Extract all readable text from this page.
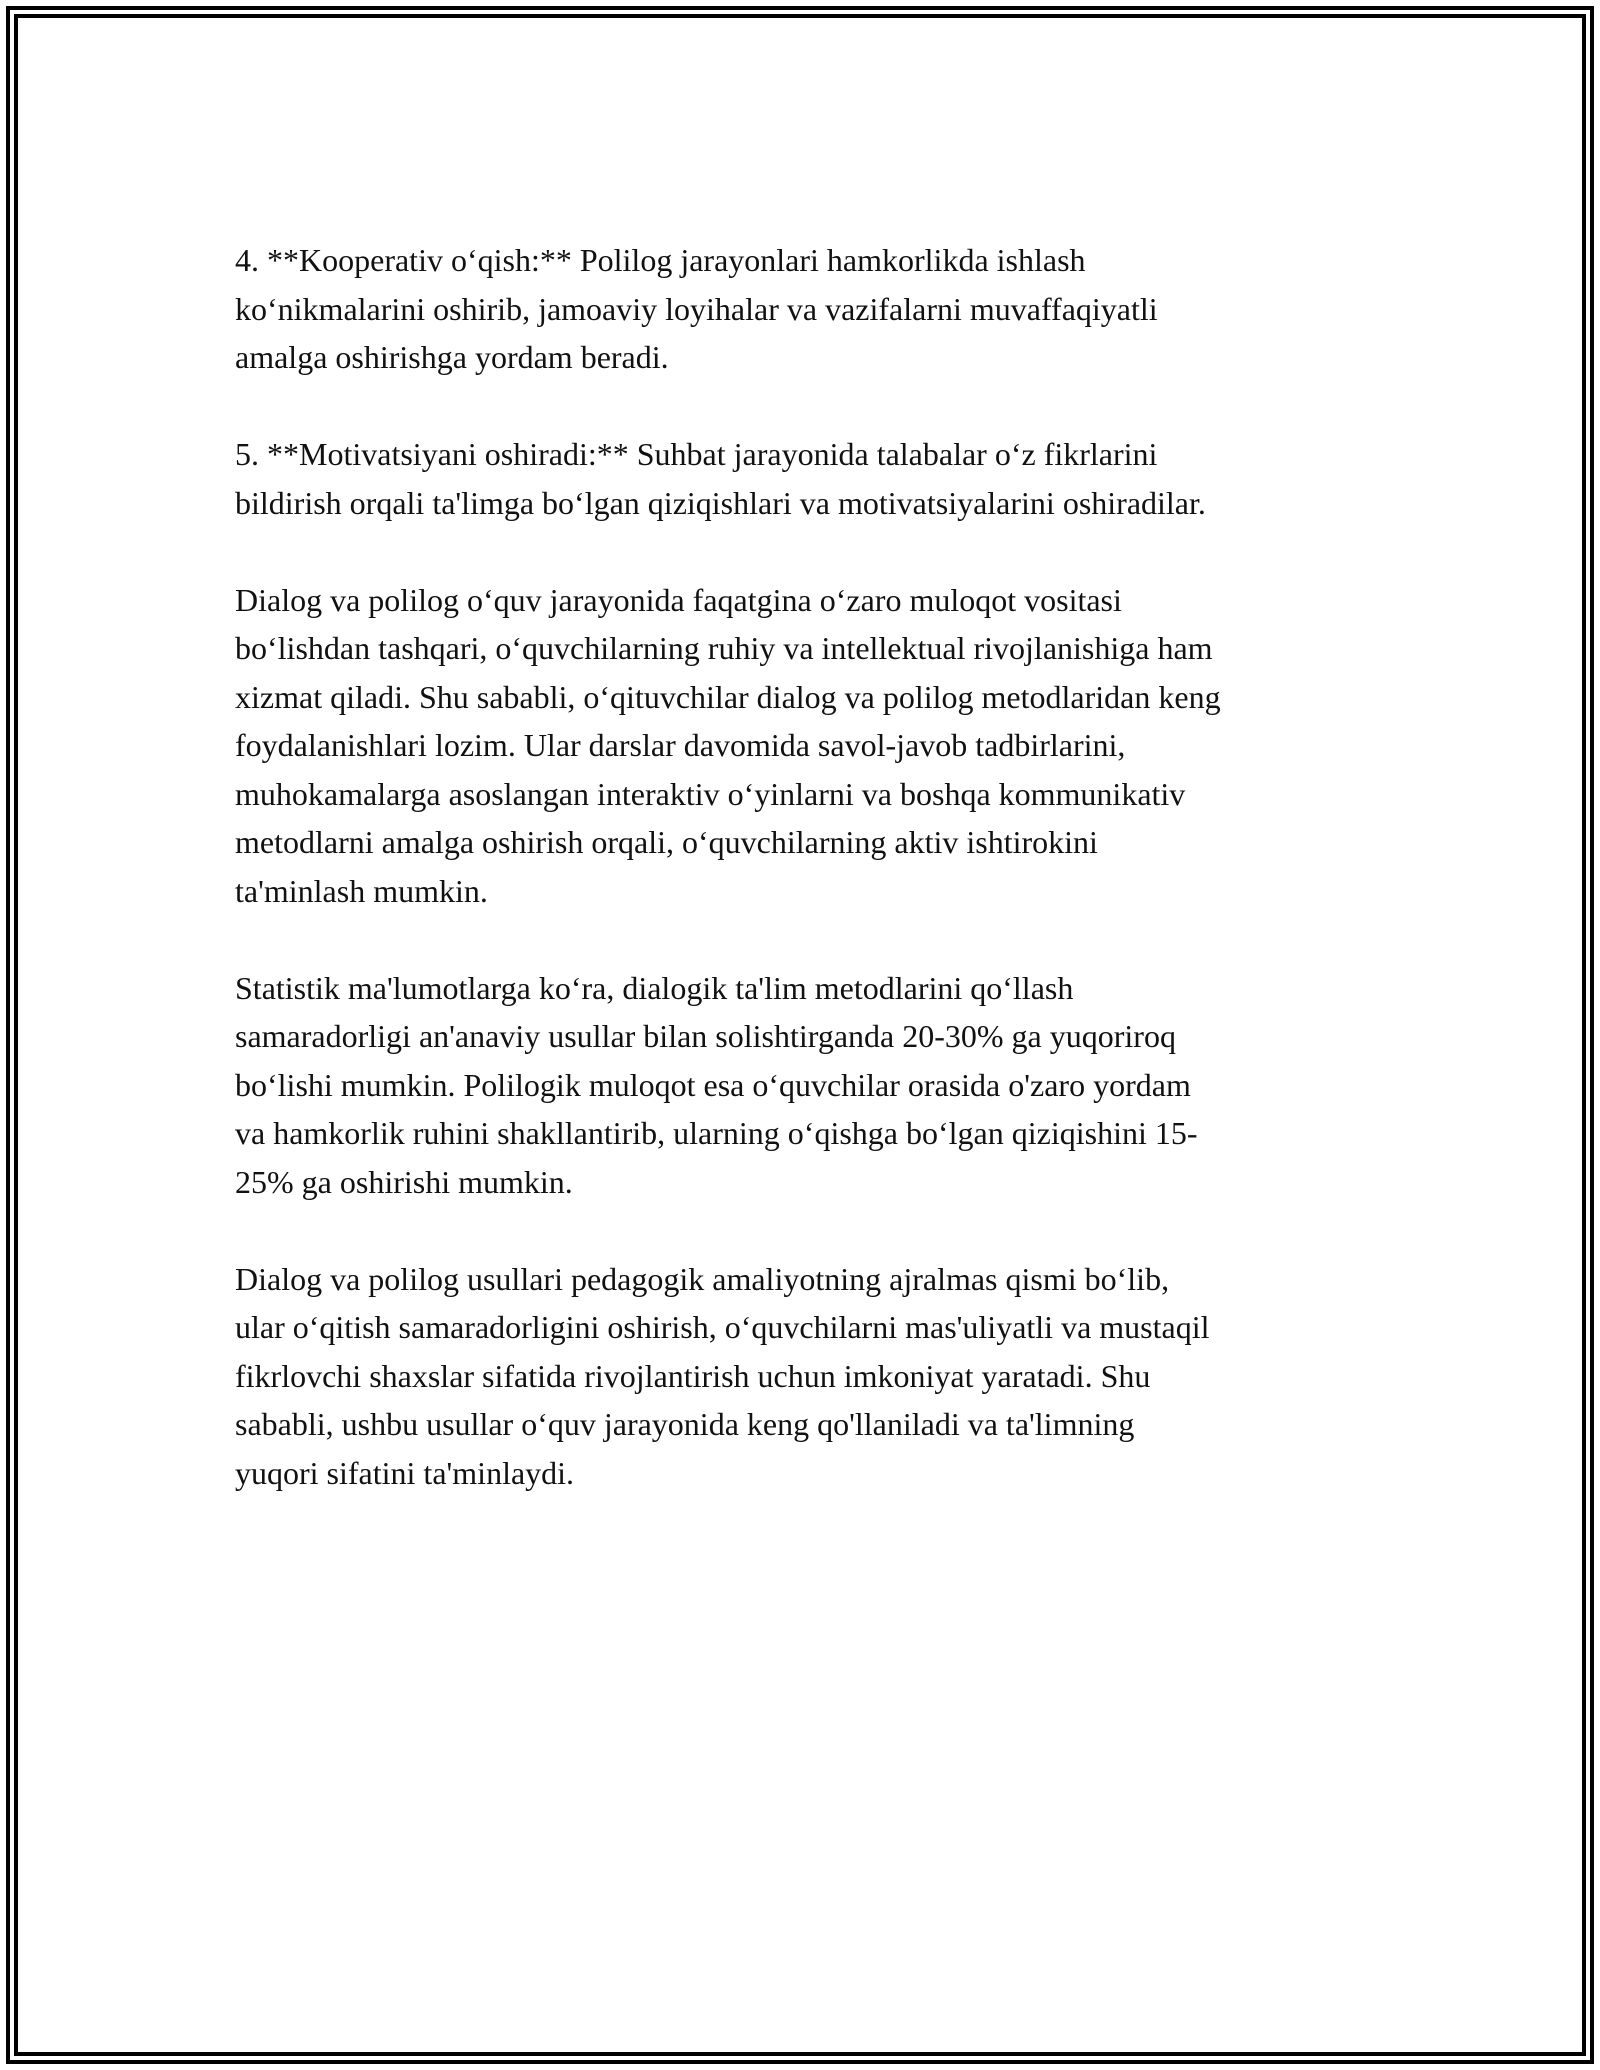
4. **Kooperativ o‘qish:** Polilog jarayonlari hamkorlikda ishlash
ko‘nikmalarini oshirib, jamoaviy loyihalar va vazifalarni muvaffaqiyatli
amalga oshirishga yordam beradi.

5. **Motivatsiyani oshiradi:** Suhbat jarayonida talabalar o‘z fikrlarini
bildirish orqali ta'limga bo‘lgan qiziqishlari va motivatsiyalarini oshiradilar.

Dialog va polilog o‘quv jarayonida faqatgina o‘zaro muloqot vositasi
bo‘lishdan tashqari, o‘quvchilarning ruhiy va intellektual rivojlanishiga ham
xizmat qiladi. Shu sababli, o‘qituvchilar dialog va polilog metodlaridan keng
foydalanishlari lozim. Ular darslar davomida savol-javob tadbirlarini,
muhokamalarga asoslangan interaktiv o‘yinlarni va boshqa kommunikativ
metodlarni amalga oshirish orqali, o‘quvchilarning aktiv ishtirokini
ta'minlash mumkin.

Statistik ma'lumotlarga ko‘ra, dialogik ta'lim metodlarini qo‘llash
samaradorligi an'anaviy usullar bilan solishtirganda 20-30% ga yuqoriroq
bo‘lishi mumkin. Polilogik muloqot esa o‘quvchilar orasida o'zaro yordam
va hamkorlik ruhini shakllantirib, ularning o‘qishga bo‘lgan qiziqishini 15-
25% ga oshirishi mumkin.

Dialog va polilog usullari pedagogik amaliyotning ajralmas qismi bo‘lib,
ular o‘qitish samaradorligini oshirish, o‘quvchilarni mas'uliyatli va mustaqil
fikrlovchi shaxslar sifatida rivojlantirish uchun imkoniyat yaratadi. Shu
sababli, ushbu usullar o‘quv jarayonida keng qo'llaniladi va ta'limning
yuqori sifatini ta'minlaydi.
